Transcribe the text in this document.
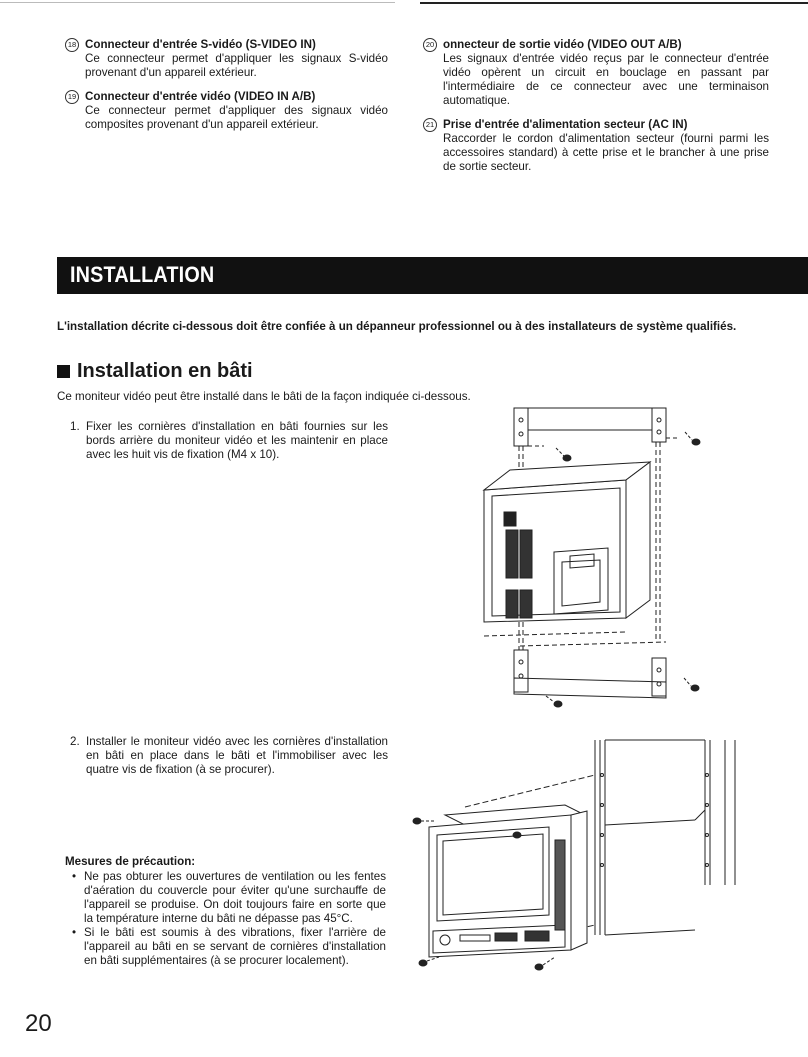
18 Connecteur d'entrée S-vidéo (S-VIDEO IN)
Ce connecteur permet d'appliquer les signaux S-vidéo provenant d'un appareil extérieur.
19 Connecteur d'entrée vidéo (VIDEO IN A/B)
Ce connecteur permet d'appliquer des signaux vidéo composites provenant d'un appareil extérieur.
20 onnecteur de sortie vidéo (VIDEO OUT A/B)
Les signaux d'entrée vidéo reçus par le connecteur d'entrée vidéo opèrent un circuit en bouclage en passant par l'intermédiaire de ce connecteur avec une terminaison automatique.
21 Prise d'entrée d'alimentation secteur (AC IN)
Raccorder le cordon d'alimentation secteur (fourni parmi les accessoires standard) à cette prise et le brancher à une prise de sortie secteur.
INSTALLATION
L'installation décrite ci-dessous doit être confiée à un dépanneur professionnel ou à des installateurs de système qualifiés.
Installation en bâti
Ce moniteur vidéo peut être installé dans le bâti de la façon indiquée ci-dessous.
1. Fixer les cornières d'installation en bâti fournies sur les bords arrière du moniteur vidéo et les maintenir en place avec les huit vis de fixation (M4 x 10).
2. Installer le moniteur vidéo avec les cornières d'installation en bâti en place dans le bâti et l'immobiliser avec les quatre vis de fixation (à se procurer).
Mesures de précaution:
• Ne pas obturer les ouvertures de ventilation ou les fentes d'aération du couvercle pour éviter qu'une surchauffe de l'appareil se produise. On doit toujours faire en sorte que la température interne du bâti ne dépasse pas 45°C.
• Si le bâti est soumis à des vibrations, fixer l'arrière de l'appareil au bâti en se servant de cornières d'installation en bâti supplémentaires (à se procurer localement).
20
